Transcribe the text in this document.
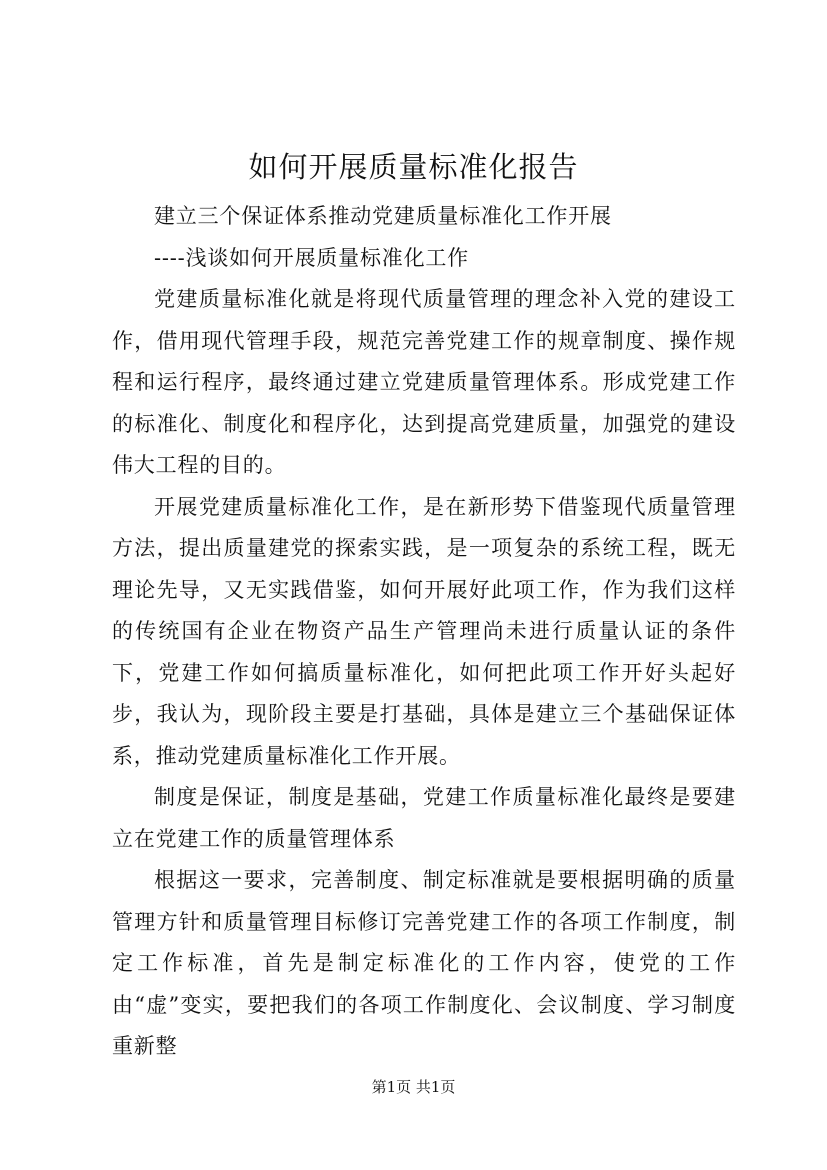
如何开展质量标准化报告

建立三个保证体系推动党建质量标准化工作开展

----浅谈如何开展质量标准化工作

党建质量标准化就是将现代质量管理的理念补入党的建设工作，借用现代管理手段，规范完善党建工作的规章制度、操作规程和运行程序，最终通过建立党建质量管理体系。形成党建工作的标准化、制度化和程序化，达到提高党建质量，加强党的建设伟大工程的目的。

开展党建质量标准化工作，是在新形势下借鉴现代质量管理方法，提出质量建党的探索实践，是一项复杂的系统工程，既无理论先导，又无实践借鉴，如何开展好此项工作，作为我们这样的传统国有企业在物资产品生产管理尚未进行质量认证的条件下，党建工作如何搞质量标准化，如何把此项工作开好头起好步，我认为，现阶段主要是打基础，具体是建立三个基础保证体系，推动党建质量标准化工作开展。

制度是保证，制度是基础，党建工作质量标准化最终是要建立在党建工作的质量管理体系

根据这一要求，完善制度、制定标准就是要根据明确的质量管理方针和质量管理目标修订完善党建工作的各项工作制度，制定工作标准，首先是制定标准化的工作内容，使党的工作由“虚”变实，要把我们的各项工作制度化、会议制度、学习制度重新整

第1页 共1页
